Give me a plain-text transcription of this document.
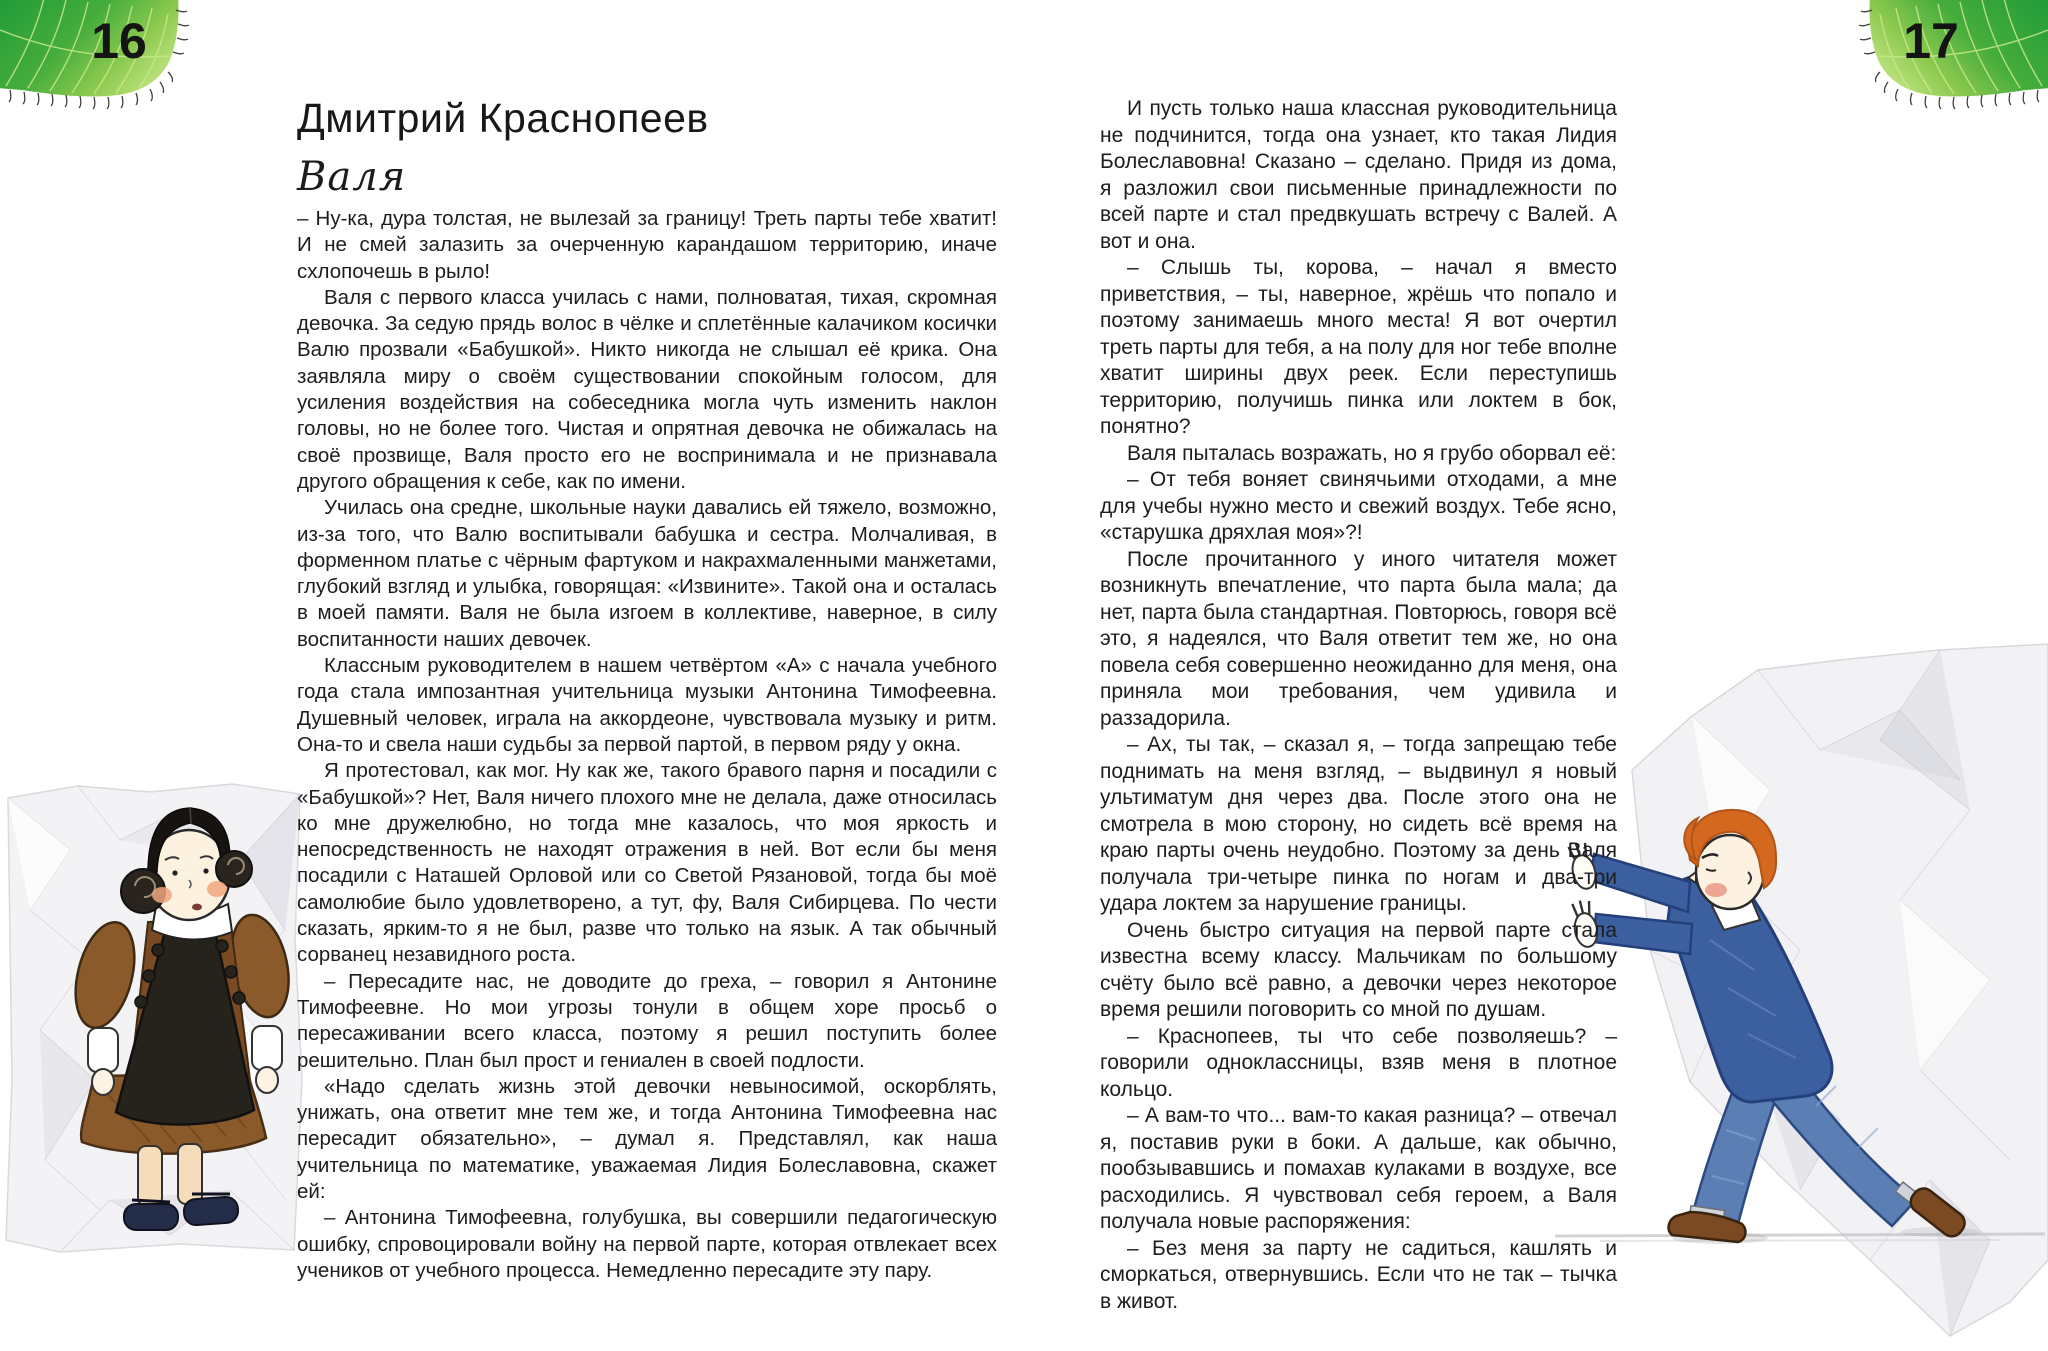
16	17
Дмитрий Краснопеев
Валя

– Ну-ка, дура толстая, не вылезай за границу! Треть парты тебе хватит! И не смей залазить за очерченную карандашом территорию, иначе схлопочешь в рыло!

Валя с первого класса училась с нами, полноватая, тихая, скромная девочка. За седую прядь волос в чёлке и сплетённые калачиком косички Валю прозвали «Бабушкой». Никто никогда не слышал её крика. Она заявляла миру о своём существовании спокойным голосом, для усиления воздействия на собеседника могла чуть изменить наклон головы, но не более того. Чистая и опрятная девочка не обижалась на своё прозвище, Валя просто его не воспринимала и не признавала другого обращения к себе, как по имени.

Училась она средне, школьные науки давались ей тяжело, возможно, из-за того, что Валю воспитывали бабушка и сестра. Молчаливая, в форменном платье с чёрным фартуком и накрахмаленными манжетами, глубокий взгляд и улыбка, говорящая: «Извините». Такой она и осталась в моей памяти. Валя не была изгоем в коллективе, наверное, в силу воспитанности наших девочек.

Классным руководителем в нашем четвёртом «А» с начала учебного года стала импозантная учительница музыки Антонина Тимофеевна. Душевный человек, играла на аккордеоне, чувствовала музыку и ритм. Она-то и свела наши судьбы за первой партой, в первом ряду у окна.

Я протестовал, как мог. Ну как же, такого бравого парня и посадили с «Бабушкой»? Нет, Валя ничего плохого мне не делала, даже относилась ко мне дружелюбно, но тогда мне казалось, что моя яркость и непосредственность не находят отражения в ней. Вот если бы меня посадили с Наташей Орловой или со Светой Рязановой, тогда бы моё самолюбие было удовлетворено, а тут, фу, Валя Сибирцева. По чести сказать, ярким-то я не был, разве что только на язык. А так обычный сорванец незавидного роста.

– Пересадите нас, не доводите до греха, – говорил я Антонине Тимофеевне. Но мои угрозы тонули в общем хоре просьб о пересаживании всего класса, поэтому я решил поступить более решительно. План был прост и гениален в своей подлости.

«Надо сделать жизнь этой девочки невыносимой, оскорблять, унижать, она ответит мне тем же, и тогда Антонина Тимофеевна нас пересадит обязательно», – думал я. Представлял, как наша учительница по математике, уважаемая Лидия Болеславовна, скажет ей:

– Антонина Тимофеевна, голубушка, вы совершили педагогическую ошибку, спровоцировали войну на первой парте, которая отвлекает всех учеников от учебного процесса. Немедленно пересадите эту пару.

И пусть только наша классная руководительница не подчинится, тогда она узнает, кто такая Лидия Болеславовна! Сказано – сделано. Придя из дома, я разложил свои письменные принадлежности по всей парте и стал предвкушать встречу с Валей. А вот и она.

– Слышь ты, корова, – начал я вместо приветствия, – ты, наверное, жрёшь что попало и поэтому занимаешь много места! Я вот очертил треть парты для тебя, а на полу для ног тебе вполне хватит ширины двух реек. Если переступишь территорию, получишь пинка или локтем в бок, понятно?

Валя пыталась возражать, но я грубо оборвал её:

– От тебя воняет свинячьими отходами, а мне для учебы нужно место и свежий воздух. Тебе ясно, «старушка дряхлая моя»?!

После прочитанного у иного читателя может возникнуть впечатление, что парта была мала; да нет, парта была стандартная. Повторюсь, говоря всё это, я надеялся, что Валя ответит тем же, но она повела себя совершенно неожиданно для меня, она приняла мои требования, чем удивила и раззадорила.

– Ах, ты так, – сказал я, – тогда запрещаю тебе поднимать на меня взгляд, – выдвинул я новый ультиматум дня через два. После этого она не смотрела в мою сторону, но сидеть всё время на краю парты очень неудобно. Поэтому за день Валя получала три-четыре пинка по ногам и два-три удара локтем за нарушение границы.

Очень быстро ситуация на первой парте стала известна всему классу. Мальчикам по большому счёту было всё равно, а девочки через некоторое время решили поговорить со мной по душам.

– Краснопеев, ты что себе позволяешь? – говорили одноклассницы, взяв меня в плотное кольцо.

– А вам-то что... вам-то какая разница? – отвечал я, поставив руки в боки. А дальше, как обычно, пообзывавшись и помахав кулаками в воздухе, все расходились. Я чувствовал себя героем, а Валя получала новые распоряжения:

– Без меня за парту не садиться, кашлять и сморкаться, отвернувшись. Если что не так – тычка в живот.
